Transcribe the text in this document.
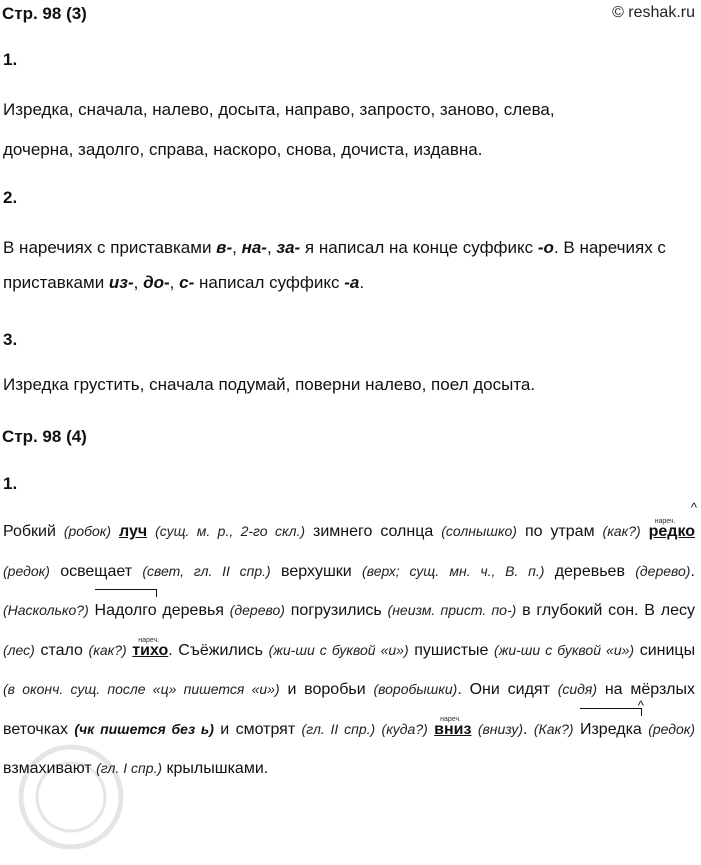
Стр. 98 (3)	© reshak.ru
1.
Изредка, сначала, налево, досыта, направо, запросто, заново, слева,
дочерна, задолго, справа, наскоро, снова, дочиста, издавна.
2.
В наречиях с приставками в-, на-, за- я написал на конце суффикс -о. В наречиях с приставками из-, до-, с- написал суффикс -а.
3.
Изредка грустить, сначала подумай, поверни налево, поел досыта.
Стр. 98 (4)
1.
Робкий (робок) луч (сущ. м. р., 2-го скл.) зимнего солнца (солнышко) по утрам (как?)
нареч.
редко
^
(редок) освещает (свет, гл. II спр.) верхушки (верх; сущ. мн. ч., В. п.) деревьев (дерево). (Насколько?) Надолго деревья (дерево) погрузились (неизм. прист. по-) в глубокий сон. В лесу (лес) стало (как?)
нареч.
тихо. Съёжились (жи-ши с буквой «и») пушистые (жи-ши с буквой «и») синицы (в оконч. сущ. после «ц» пишется «и») и воробьи (воробышки). Они сидят (сидя) на мёрзлых веточках (чк пишется без ь) и смотрят (гл. II спр.) (куда?)
нареч.
вниз (внизу). (Как?) Изредка
^
(редок) взмахивают (гл. I спр.) крылышками.
